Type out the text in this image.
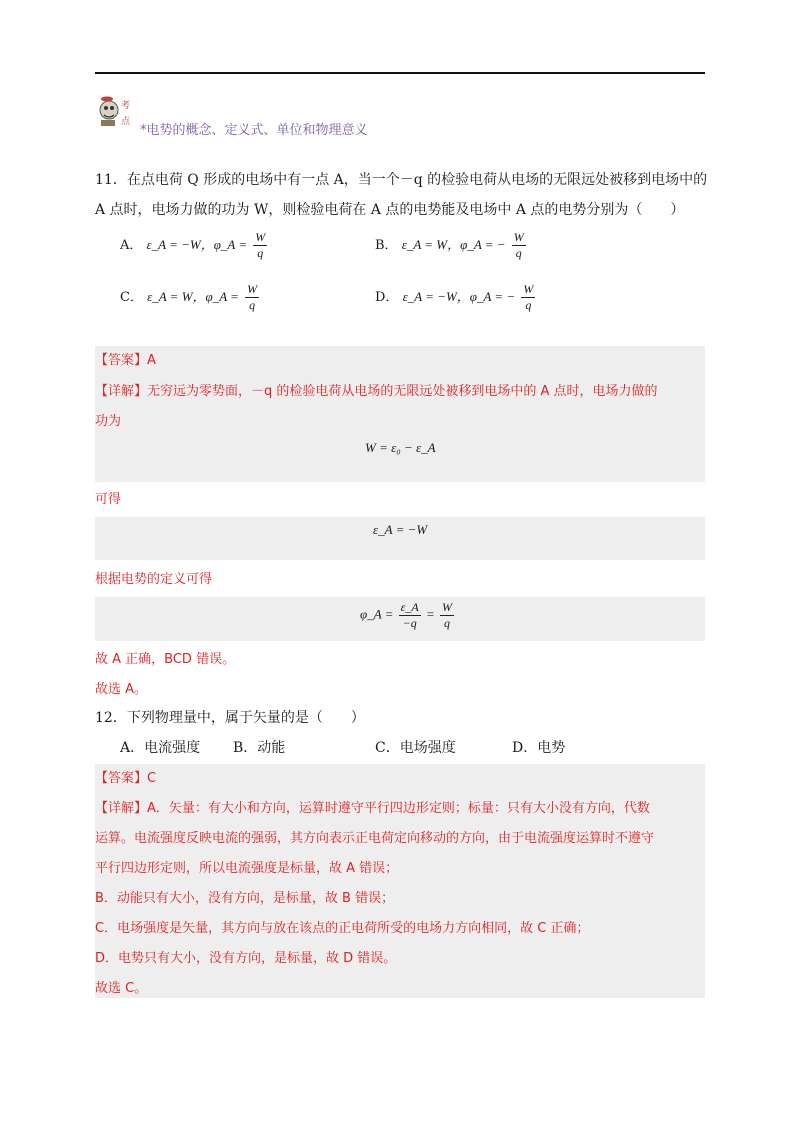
考
点
*电势的概念、定义式、单位和物理意义
11．在点电荷 Q 形成的电场中有一点 A，当一个－q 的检验电荷从电场的无限远处被移到电场中的
A 点时，电场力做的功为 W，则检验电荷在 A 点的电势能及电场中 A 点的电势分别为（　　）
A． ε_A = −W，φ_A = $\frac{W}{q}$	B． ε_A = W，φ_A = − $\frac{W}{q}$
C． ε_A = W，φ_A = $\frac{W}{q}$	D． ε_A = −W，φ_A = − $\frac{W}{q}$
【答案】A
【详解】无穷远为零势面，－q 的检验电荷从电场的无限远处被移到电场中的 A 点时，电场力做的
功为
W = ε₀ − ε_A
可得
ε_A = −W
根据电势的定义可得
φ_A = $\frac{\varepsilon\_A}{-q} = \frac{W}{q}$
故 A 正确，BCD 错误。
故选 A。
12．下列物理量中，属于矢量的是（　　）
A．电流强度 B．动能	C．电场强度	D．电势
【答案】C
【详解】A．矢量：有大小和方向，运算时遵守平行四边形定则；标量：只有大小没有方向，代数
运算。电流强度反映电流的强弱，其方向表示正电荷定向移动的方向，由于电流强度运算时不遵守
平行四边形定则，所以电流强度是标量，故 A 错误；
B．动能只有大小，没有方向，是标量，故 B 错误；
C．电场强度是矢量，其方向与放在该点的正电荷所受的电场力方向相同，故 C 正确；
D．电势只有大小，没有方向，是标量，故 D 错误。
故选 C。
